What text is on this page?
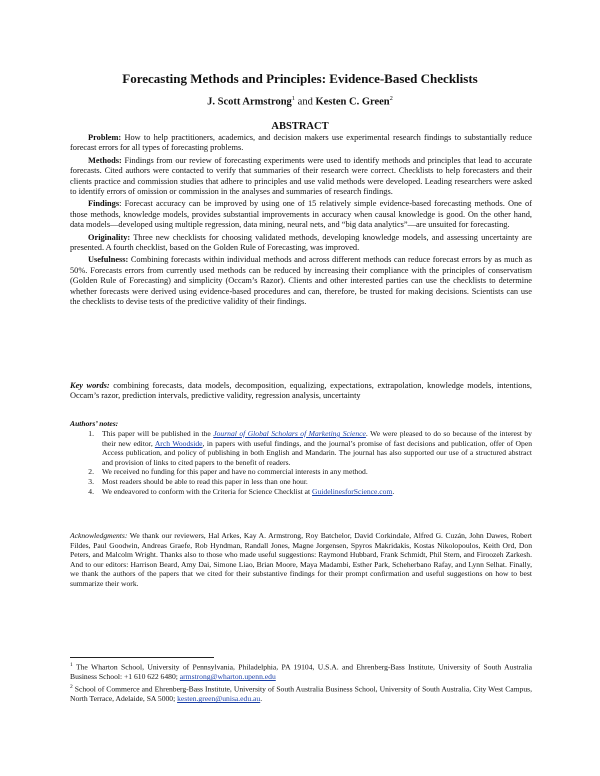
Forecasting Methods and Principles: Evidence-Based Checklists
J. Scott Armstrong$^1$ and Kesten C. Green$^2$
ABSTRACT

Problem: How to help practitioners, academics, and decision makers use experimental research findings to substantially reduce forecast errors for all types of forecasting problems.

Methods: Findings from our review of forecasting experiments were used to identify methods and principles that lead to accurate forecasts. Cited authors were contacted to verify that summaries of their research were correct. Checklists to help forecasters and their clients practice and commission studies that adhere to principles and use valid methods were developed. Leading researchers were asked to identify errors of omission or commission in the analyses and summaries of research findings.

Findings: Forecast accuracy can be improved by using one of 15 relatively simple evidence-based forecasting methods. One of those methods, knowledge models, provides substantial improvements in accuracy when causal knowledge is good. On the other hand, data models—developed using multiple regression, data mining, neural nets, and “big data analytics”—are unsuited for forecasting.

Originality: Three new checklists for choosing validated methods, developing knowledge models, and assessing uncertainty are presented. A fourth checklist, based on the Golden Rule of Forecasting, was improved.

Usefulness: Combining forecasts within individual methods and across different methods can reduce forecast errors by as much as 50%. Forecasts errors from currently used methods can be reduced by increasing their compliance with the principles of conservatism (Golden Rule of Forecasting) and simplicity (Occam’s Razor). Clients and other interested parties can use the checklists to determine whether forecasts were derived using evidence-based procedures and can, therefore, be trusted for making decisions. Scientists can use the checklists to devise tests of the predictive validity of their findings.

Key words: combining forecasts, data models, decomposition, equalizing, expectations, extrapolation, knowledge models, intentions, Occam’s razor, prediction intervals, predictive validity, regression analysis, uncertainty
Authors’ notes:
1.	This paper will be published in the Journal of Global Scholars of Marketing Science. We were pleased to do so because of the interest by their new editor, Arch Woodside, in papers with useful findings, and the journal’s promise of fast decisions and publication, offer of Open Access publication, and policy of publishing in both English and Mandarin. The journal has also supported our use of a structured abstract and provision of links to cited papers to the benefit of readers.
2.	We received no funding for this paper and have no commercial interests in any method.
3.	Most readers should be able to read this paper in less than one hour.
4.	We endeavored to conform with the Criteria for Science Checklist at GuidelinesforScience.com.
Acknowledgments: We thank our reviewers, Hal Arkes, Kay A. Armstrong, Roy Batchelor, David Corkindale, Alfred G. Cuzán, John Dawes, Robert Fildes, Paul Goodwin, Andreas Graefe, Rob Hyndman, Randall Jones, Magne Jorgensen, Spyros Makridakis, Kostas Nikolopoulos, Keith Ord, Don Peters, and Malcolm Wright. Thanks also to those who made useful suggestions: Raymond Hubbard, Frank Schmidt, Phil Stern, and Firoozeh Zarkesh. And to our editors: Harrison Beard, Amy Dai, Simone Liao, Brian Moore, Maya Madambi, Esther Park, Scheherbano Rafay, and Lynn Selhat. Finally, we thank the authors of the papers that we cited for their substantive findings for their prompt confirmation and useful suggestions on how to best summarize their work.

$^1$ The Wharton School, University of Pennsylvania, Philadelphia, PA 19104, U.S.A. and Ehrenberg-Bass Institute, University of South Australia Business School: +1 610 622 6480; armstrong@wharton.upenn.edu

$^2$ School of Commerce and Ehrenberg-Bass Institute, University of South Australia Business School, University of South Australia, City West Campus, North Terrace, Adelaide, SA 5000; kesten.green@unisa.edu.au.
